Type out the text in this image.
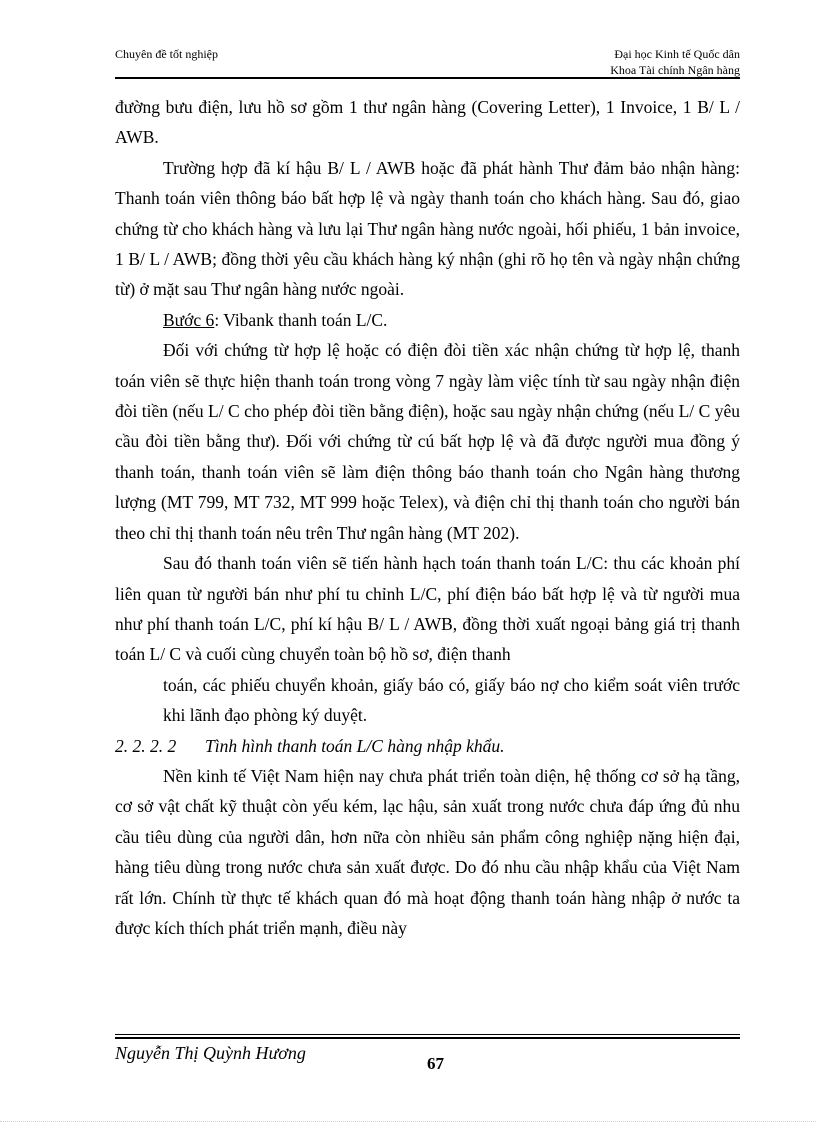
Chuyên đề tốt nghiệp	Đại học Kinh tế Quốc dân
Khoa Tài chính Ngân hàng

đường bưu điện, lưu hồ sơ gồm 1 thư ngân hàng (Covering Letter), 1 Invoice, 1 B/ L / AWB.

Trường hợp đã kí hậu B/ L / AWB hoặc đã phát hành Thư đảm bảo nhận hàng: Thanh toán viên thông báo bất hợp lệ và ngày thanh toán cho khách hàng. Sau đó, giao chứng từ cho khách hàng và lưu lại Thư ngân hàng nước ngoài, hối phiếu, 1 bản invoice, 1 B/ L / AWB; đồng thời yêu cầu khách hàng ký nhận (ghi rõ họ tên và ngày nhận chứng từ) ở mặt sau Thư ngân hàng nước ngoài.

Bước 6: Vibank thanh toán L/C.

Đối với chứng từ hợp lệ hoặc có điện đòi tiền xác nhận chứng từ hợp lệ, thanh toán viên sẽ thực hiện thanh toán trong vòng 7 ngày làm việc tính từ sau ngày nhận điện đòi tiền (nếu L/ C cho phép đòi tiền bằng điện), hoặc sau ngày nhận chứng (nếu L/ C yêu cầu đòi tiền bằng thư). Đối với chứng từ cú bất hợp lệ và đã được người mua đồng ý thanh toán, thanh toán viên sẽ làm điện thông báo thanh toán cho Ngân hàng thương lượng (MT 799, MT 732, MT 999 hoặc Telex), và điện chỉ thị thanh toán cho người bán theo chỉ thị thanh toán nêu trên Thư ngân hàng (MT 202).

Sau đó thanh toán viên sẽ tiến hành hạch toán thanh toán L/C: thu các khoản phí liên quan từ người bán như phí tu chỉnh L/C, phí điện báo bất hợp lệ và từ người mua như phí thanh toán L/C, phí kí hậu B/ L / AWB, đồng thời xuất ngoại bảng giá trị thanh toán L/ C và cuối cùng chuyển toàn bộ hồ sơ, điện thanh

toán, các phiếu chuyển khoản, giấy báo có, giấy báo nợ cho kiểm soát viên trước khi lãnh đạo phòng ký duyệt.

2. 2. 2. 2 Tình hình thanh toán L/C hàng nhập khẩu.

Nền kinh tế Việt Nam hiện nay chưa phát triển toàn diện, hệ thống cơ sở hạ tầng, cơ sở vật chất kỹ thuật còn yếu kém, lạc hậu, sản xuất trong nước chưa đáp ứng đủ nhu cầu tiêu dùng của người dân, hơn nữa còn nhiều sản phẩm công nghiệp nặng hiện đại, hàng tiêu dùng trong nước chưa sản xuất được. Do đó nhu cầu nhập khẩu của Việt Nam rất lớn. Chính từ thực tế khách quan đó mà hoạt động thanh toán hàng nhập ở nước ta được kích thích phát triển mạnh, điều này

Nguyễn Thị Quỳnh Hương
67
